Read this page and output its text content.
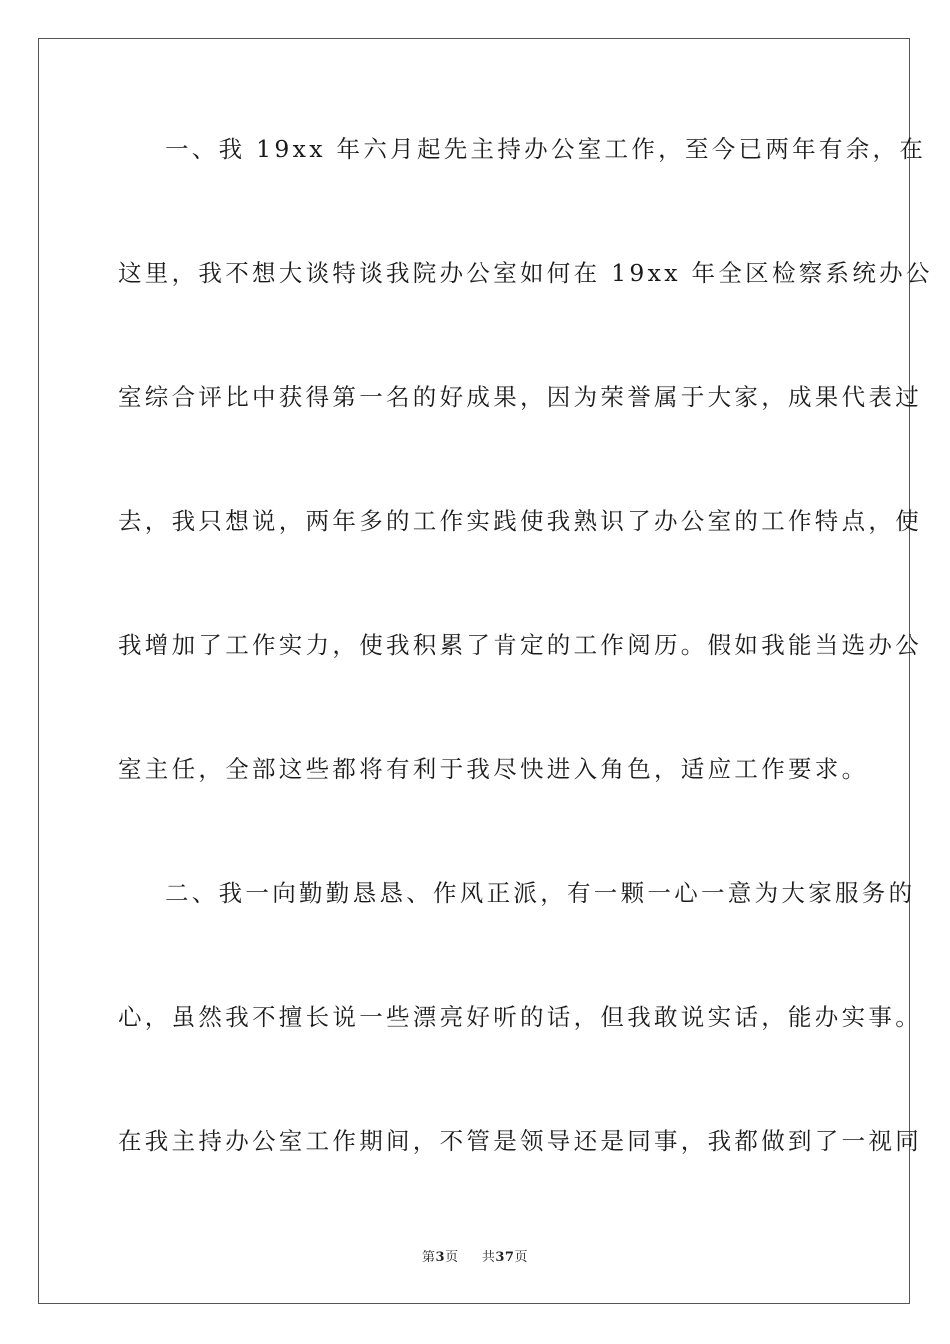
一、我 19xx 年六月起先主持办公室工作，至今已两年有余，在
这里，我不想大谈特谈我院办公室如何在 19xx 年全区检察系统办公
室综合评比中获得第一名的好成果，因为荣誉属于大家，成果代表过
去，我只想说，两年多的工作实践使我熟识了办公室的工作特点，使
我增加了工作实力，使我积累了肯定的工作阅历。假如我能当选办公
室主任，全部这些都将有利于我尽快进入角色，适应工作要求。
二、我一向勤勤恳恳、作风正派，有一颗一心一意为大家服务的
心，虽然我不擅长说一些漂亮好听的话，但我敢说实话，能办实事。
在我主持办公室工作期间，不管是领导还是同事，我都做到了一视同
第3页 共37页
